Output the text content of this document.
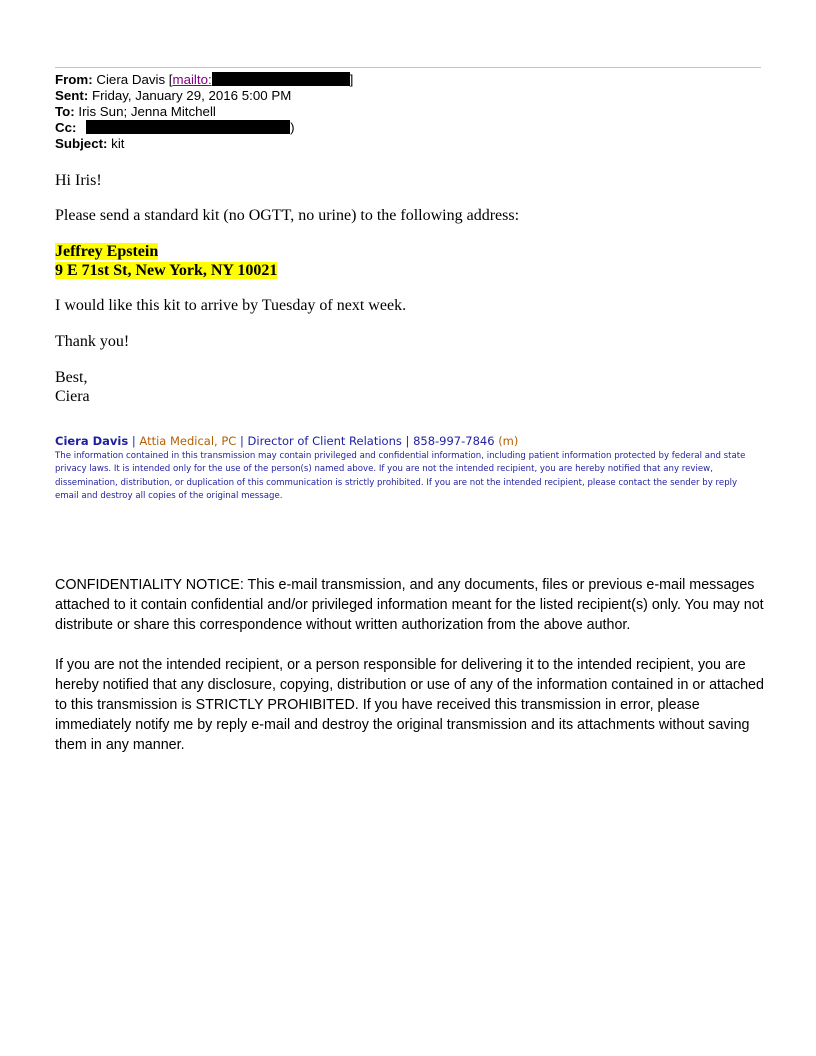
From: Ciera Davis [mailto:	]
Sent: Friday, January 29, 2016 5:00 PM
To: Iris Sun; Jenna Mitchell
Cc:	)
Subject: kit
Hi Iris!
Please send a standard kit (no OGTT, no urine) to the following address:
Jeffrey Epstein
9 E 71st St, New York, NY 10021
I would like this kit to arrive by Tuesday of next week.
Thank you!
Best,
Ciera
Ciera Davis | Attia Medical, PC | Director of Client Relations | 858-997-7846 (m)
The information contained in this transmission may contain privileged and confidential information, including patient information protected by federal and state privacy laws. It is intended only for the use of the person(s) named above. If you are not the intended recipient, you are hereby notified that any review, dissemination, distribution, or duplication of this communication is strictly prohibited. If you are not the intended recipient, please contact the sender by reply email and destroy all copies of the original message.
CONFIDENTIALITY NOTICE: This e-mail transmission, and any documents, files or previous e-mail messages attached to it contain confidential and/or privileged information meant for the listed recipient(s) only. You may not distribute or share this correspondence without written authorization from the above author.
If you are not the intended recipient, or a person responsible for delivering it to the intended recipient, you are hereby notified that any disclosure, copying, distribution or use of any of the information contained in or attached to this transmission is STRICTLY PROHIBITED. If you have received this transmission in error, please immediately notify me by reply e-mail and destroy the original transmission and its attachments without saving them in any manner.
